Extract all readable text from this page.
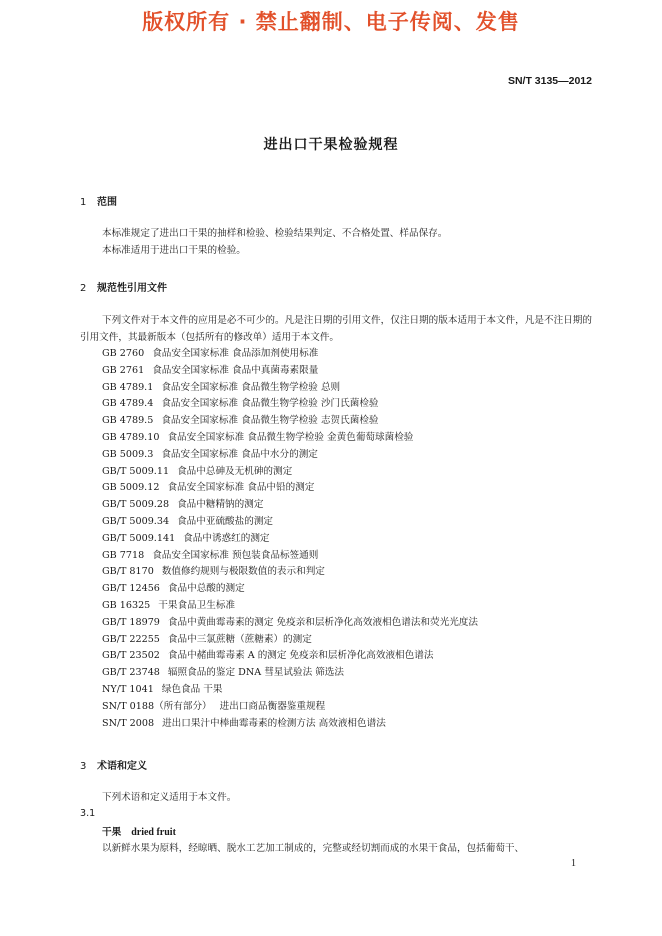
版权所有 · 禁止翻制、电子传阅、发售
SN/T 3135—2012
进出口干果检验规程
1 范围
本标准规定了进出口干果的抽样和检验、检验结果判定、不合格处置、样品保存。
本标准适用于进出口干果的检验。
2 规范性引用文件
下列文件对于本文件的应用是必不可少的。凡是注日期的引用文件，仅注日期的版本适用于本文件，凡是不注日期的引用文件，其最新版本（包括所有的修改单）适用于本文件。
GB 2760 食品安全国家标准 食品添加剂使用标准
GB 2761 食品安全国家标准 食品中真菌毒素限量
GB 4789.1 食品安全国家标准 食品微生物学检验 总则
GB 4789.4 食品安全国家标准 食品微生物学检验 沙门氏菌检验
GB 4789.5 食品安全国家标准 食品微生物学检验 志贺氏菌检验
GB 4789.10 食品安全国家标准 食品微生物学检验 金黄色葡萄球菌检验
GB 5009.3 食品安全国家标准 食品中水分的测定
GB/T 5009.11 食品中总砷及无机砷的测定
GB 5009.12 食品安全国家标准 食品中铅的测定
GB/T 5009.28 食品中糖精钠的测定
GB/T 5009.34 食品中亚硫酸盐的测定
GB/T 5009.141 食品中诱惑红的测定
GB 7718 食品安全国家标准 预包装食品标签通则
GB/T 8170 数值修约规则与极限数值的表示和判定
GB/T 12456 食品中总酸的测定
GB 16325 干果食品卫生标准
GB/T 18979 食品中黄曲霉毒素的测定 免疫亲和层析净化高效液相色谱法和荧光光度法
GB/T 22255 食品中三氯蔗糖（蔗糖素）的测定
GB/T 23502 食品中赭曲霉毒素 A 的测定 免疫亲和层析净化高效液相色谱法
GB/T 23748 辐照食品的鉴定 DNA 彗星试验法 筛选法
NY/T 1041 绿色食品 干果
SN/T 0188（所有部分） 进出口商品衡器鉴重规程
SN/T 2008 进出口果汁中棒曲霉毒素的检测方法 高效液相色谱法
3 术语和定义
下列术语和定义适用于本文件。
3.1
干果 dried fruit
以新鲜水果为原料，经晾晒、脱水工艺加工制成的，完整或经切割而成的水果干食品，包括葡萄干、
1
